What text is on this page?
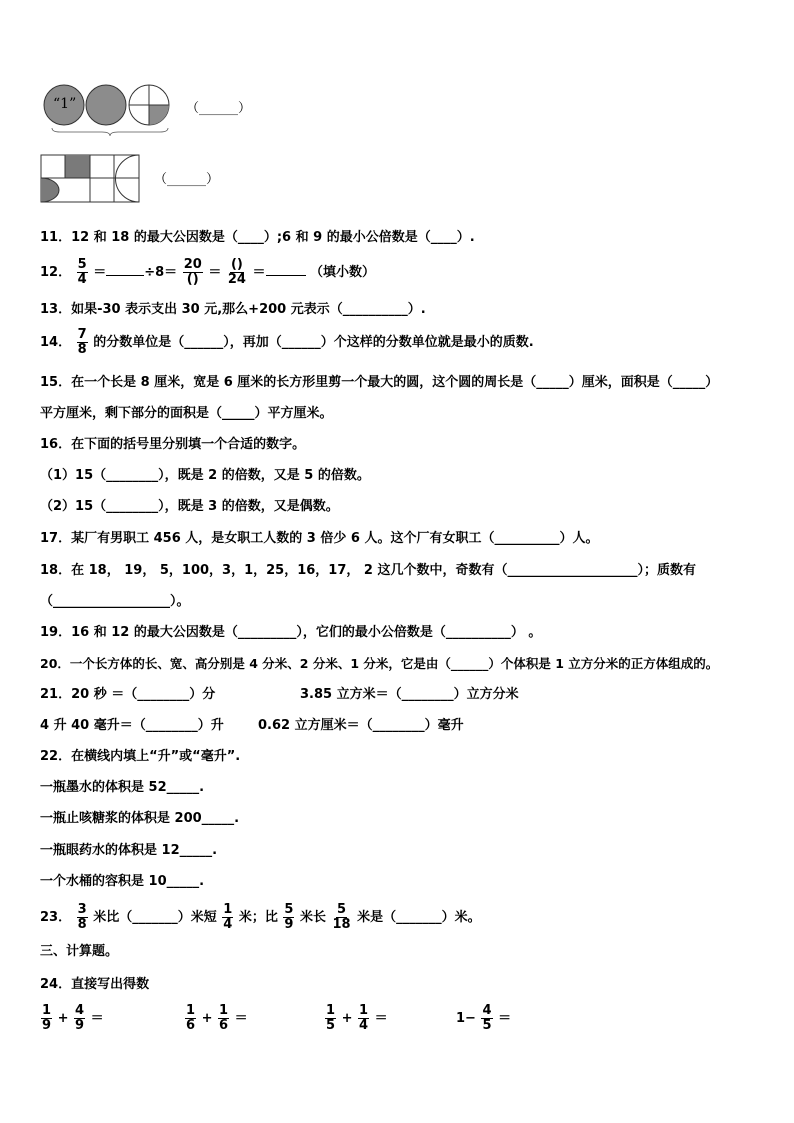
“1”	（______）
（______）
11．12 和 18 的最大公因数是（____）;6 和 9 的最小公倍数是（____）.
12． $\frac{5}{4}$ ＝	$\div 8= \frac{20}{()} = \frac{()}{24}$ ＝	（填小数）
13．如果-30 表示支出 30 元,那么+200 元表示（__________）.
14． $\frac{7}{8}$ 的分数单位是（______），再加（______）个这样的分数单位就是最小的质数.
15．在一个长是 8 厘米，宽是 6 厘米的长方形里剪一个最大的圆，这个圆的周长是（_____）厘米，面积是（_____）
平方厘米，剩下部分的面积是（_____）平方厘米。
16．在下面的括号里分别填一个合适的数字。
（1）15（________），既是 2 的倍数，又是 5 的倍数。
（2）15（________），既是 3 的倍数，又是偶数。
17．某厂有男职工 456 人，是女职工人数的 3 倍少 6 人。这个厂有女职工（__________）人。
18．在 18， 19， 5，100，3，1，25，16，17， 2 这几个数中，奇数有（____________________）；质数有
（__________________）。
19．16 和 12 的最大公因数是（_________），它们的最小公倍数是（__________） 。
20．一个长方体的长、宽、高分别是 4 分米、2 分米、1 分米，它是由（______）个体积是 1 立方分米的正方体组成的。
21．20 秒 ＝（________）分	3.85 立方米＝（________）立方分米
4 升 40 毫升＝（________）升	0.62 立方厘米＝（________）毫升
22．在横线内填上“升”或“毫升”.
一瓶墨水的体积是 52_____.
一瓶止咳糖浆的体积是 200_____.
一瓶眼药水的体积是 12_____.
一个水桶的容积是 10_____.
23． $\frac{3}{8}$ 米比（_______）米短 $\frac{1}{4}$ 米；比 $\frac{5}{9}$ 米长 $\frac{5}{18}$ 米是（_______）米。
三、计算题。
24．直接写出得数
$\frac{1}{9} + \frac{4}{9}$ ＝	$\frac{1}{6} + \frac{1}{6}$ ＝	$\frac{1}{5} + \frac{1}{4}$ ＝	$1- \frac{4}{5}$ ＝
